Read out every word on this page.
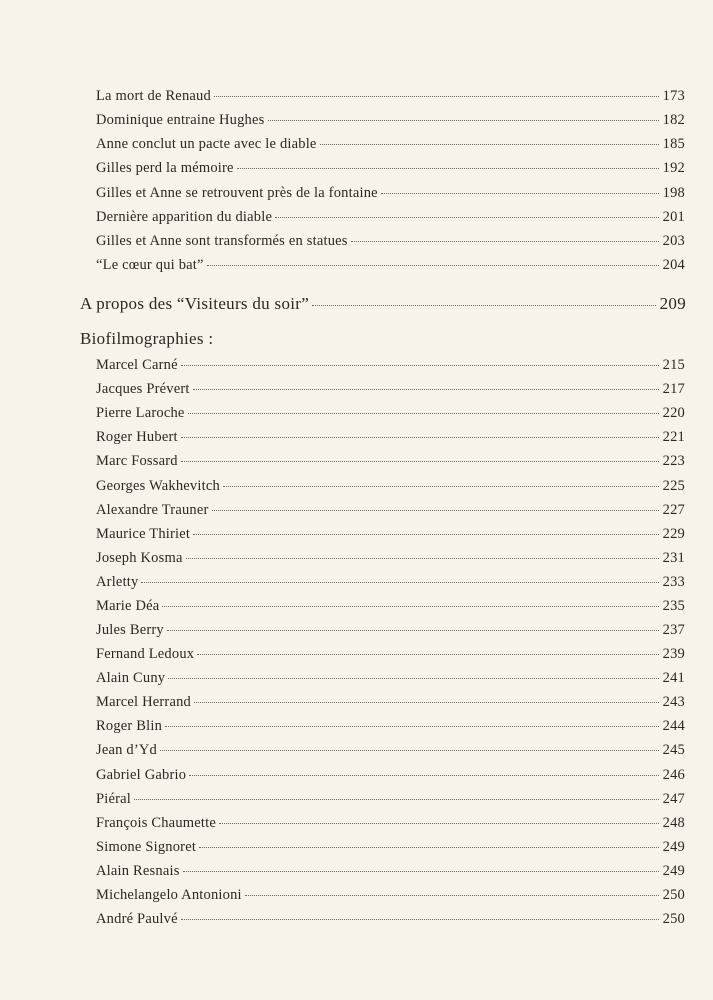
La mort de Renaud	173
Dominique entraine Hughes	182
Anne conclut un pacte avec le diable	185
Gilles perd la mémoire	192
Gilles et Anne se retrouvent près de la fontaine	198
Dernière apparition du diable	201
Gilles et Anne sont transformés en statues	203
“Le cœur qui bat”	204
A propos des “Visiteurs du soir”	209
Biofilmographies :
Marcel Carné	215
Jacques Prévert	217
Pierre Laroche	220
Roger Hubert	221
Marc Fossard	223
Georges Wakhevitch	225
Alexandre Trauner	227
Maurice Thiriet	229
Joseph Kosma	231
Arletty	233
Marie Déa	235
Jules Berry	237
Fernand Ledoux	239
Alain Cuny	241
Marcel Herrand	243
Roger Blin	244
Jean d’Yd	245
Gabriel Gabrio	246
Piéral	247
François Chaumette	248
Simone Signoret	249
Alain Resnais	249
Michelangelo Antonioni	250
André Paulvé	250
